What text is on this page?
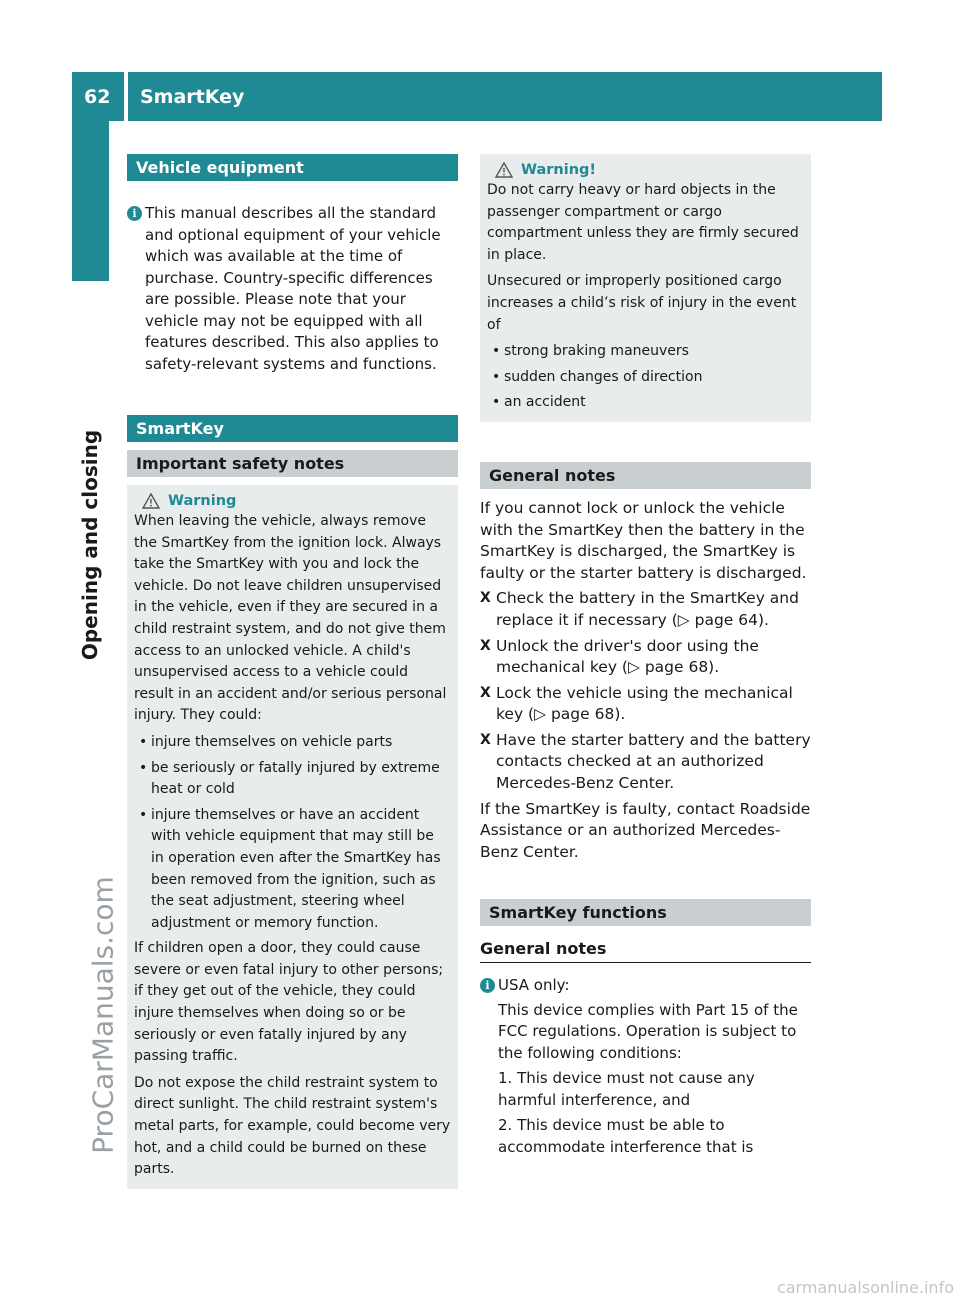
62 SmartKey
Opening and closing
ProCarManuals.com
carmanualsonline.info
Vehicle equipment
i This manual describes all the standard and optional equipment of your vehicle which was available at the time of purchase. Country-specific differences are possible. Please note that your vehicle may not be equipped with all features described. This also applies to safety-relevant systems and functions.
SmartKey
Important safety notes
Warning

When leaving the vehicle, always remove the SmartKey from the ignition lock. Always take the SmartKey with you and lock the vehicle. Do not leave children unsupervised in the vehicle, even if they are secured in a child restraint system, and do not give them access to an unlocked vehicle. A child's unsupervised access to a vehicle could result in an accident and/or serious personal injury. They could:

• injure themselves on vehicle parts
• be seriously or fatally injured by extreme heat or cold
• injure themselves or have an accident with vehicle equipment that may still be in operation even after the SmartKey has been removed from the ignition, such as the seat adjustment, steering wheel adjustment or memory function.

If children open a door, they could cause severe or even fatal injury to other persons; if they get out of the vehicle, they could injure themselves when doing so or be seriously or even fatally injured by any passing traffic.

Do not expose the child restraint system to direct sunlight. The child restraint system's metal parts, for example, could become very hot, and a child could be burned on these parts.

Warning!

Do not carry heavy or hard objects in the passenger compartment or cargo compartment unless they are firmly secured in place.

Unsecured or improperly positioned cargo increases a child’s risk of injury in the event of

• strong braking maneuvers
• sudden changes of direction
• an accident
General notes

If you cannot lock or unlock the vehicle with the SmartKey then the battery in the SmartKey is discharged, the SmartKey is faulty or the starter battery is discharged.

X Check the battery in the SmartKey and replace it if necessary (▷ page 64).
X Unlock the driver's door using the mechanical key (▷ page 68).
X Lock the vehicle using the mechanical key (▷ page 68).
X Have the starter battery and the battery contacts checked at an authorized Mercedes-Benz Center.

If the SmartKey is faulty, contact Roadside Assistance or an authorized Mercedes-Benz Center.

SmartKey functions
General notes
i USA only:
This device complies with Part 15 of the FCC regulations. Operation is subject to the following conditions:
1. This device must not cause any harmful interference, and
2. This device must be able to accommodate interference that is
